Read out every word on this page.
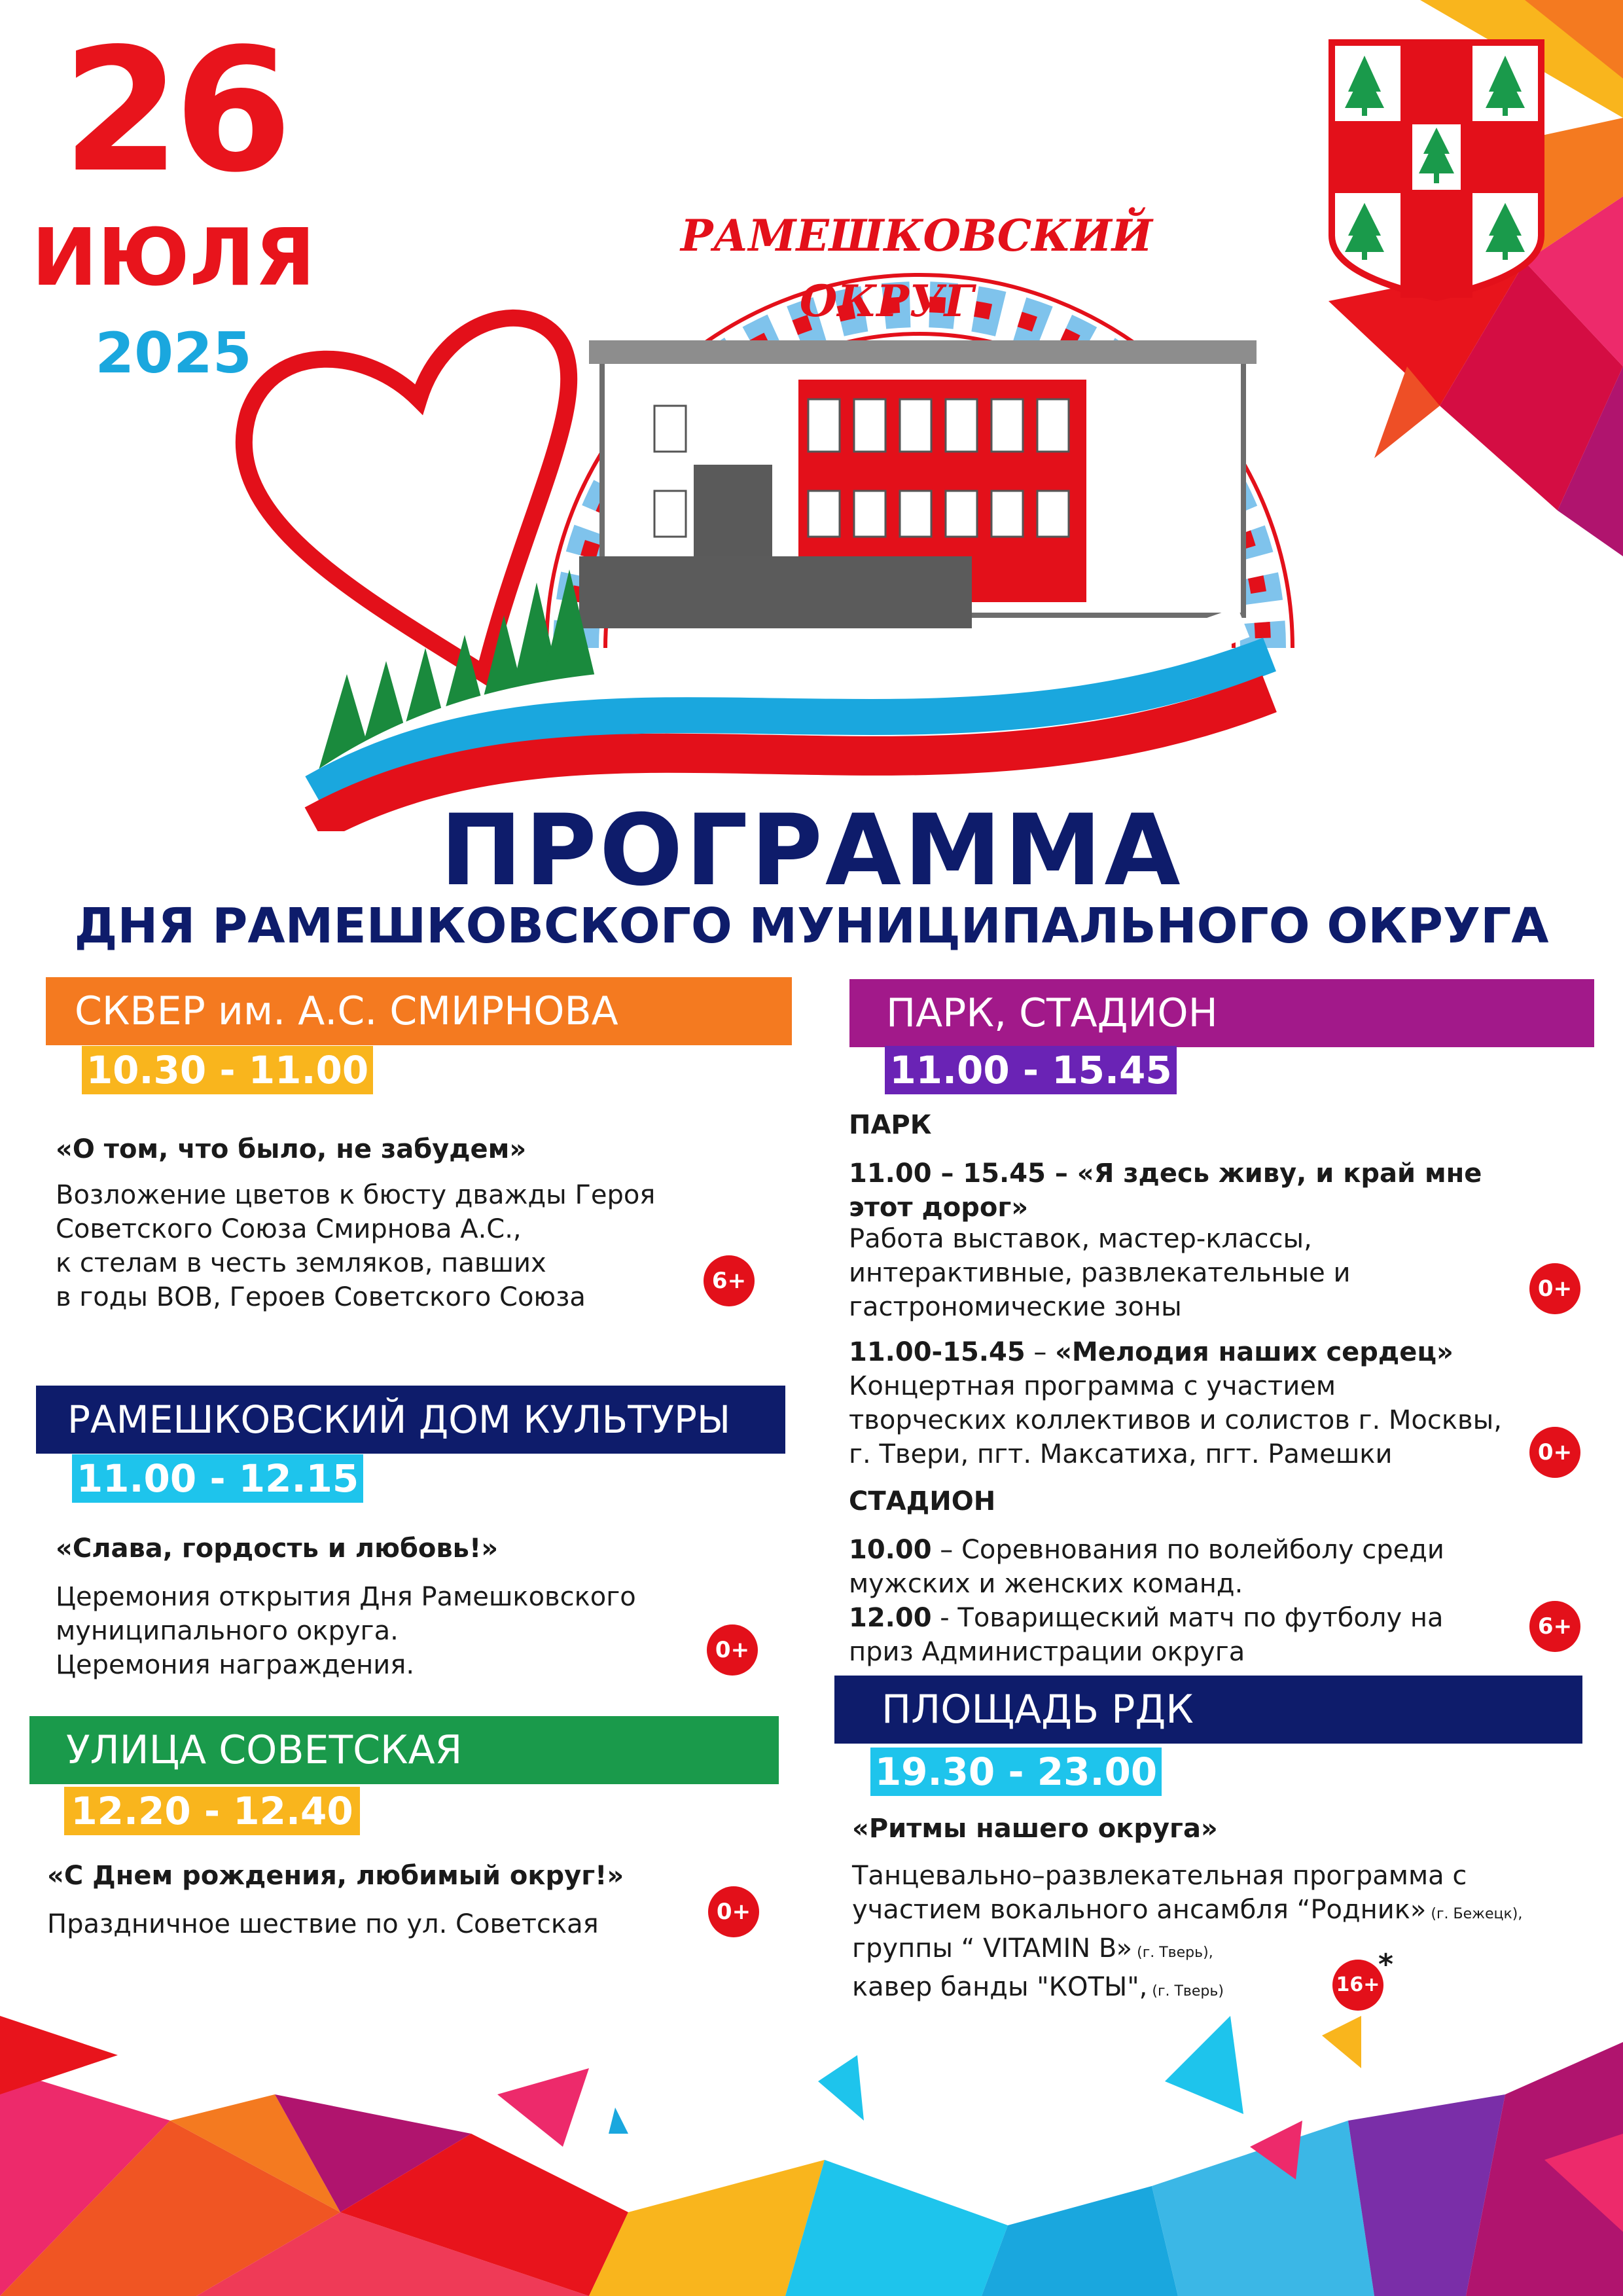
26
ИЮЛЯ
2025
РАМЕШКОВСКИЙ
ОКРУГ
ПРОГРАММА
ДНЯ РАМЕШКОВСКОГО МУНИЦИПАЛЬНОГО ОКРУГА
СКВЕР им. А.С. СМИРНОВА
10.30 - 11.00
«О том, что было, не забудем»
Возложение цветов к бюсту дважды Героя
Советского Союза Смирнова А.С.,
к стелам в честь земляков, павших
в годы ВОВ, Героев Советского Союза
6+
РАМЕШКОВСКИЙ ДОМ КУЛЬТУРЫ
11.00 - 12.15
«Слава, гордость и любовь!»
Церемония открытия Дня Рамешковского
муниципального округа.
Церемония награждения.	0+
УЛИЦА СОВЕТСКАЯ
12.20 - 12.40
«С Днем рождения, любимый округ!»
Праздничное шествие по ул. Советская	0+
ПАРК, СТАДИОН
11.00 - 15.45
ПАРК
11.00 – 15.45 – «Я здесь живу, и край мне
этот дорог»
Работа выставок, мастер-классы,
интерактивные, развлекательные и
гастрономические зоны
0+
11.00-15.45 – «Мелодия наших сердец»
Концертная программа с участием
творческих коллективов и солистов г. Москвы,
г. Твери, пгт. Максатиха, пгт. Рамешки	0+
СТАДИОН
10.00 – Соревнования по волейболу среди
мужских и женских команд.
12.00 - Товарищеский матч по футболу на
приз Администрации округа
6+
ПЛОЩАДЬ РДК
19.30 - 23.00
«Ритмы нашего округа»
Танцевально–развлекательная программа с
участием вокального ансамбля “Родник» (г. Бежецк),
группы “ VITAMIN B» (г. Тверь),
кавер банды "КОТЫ", (г. Тверь)	16+
*
